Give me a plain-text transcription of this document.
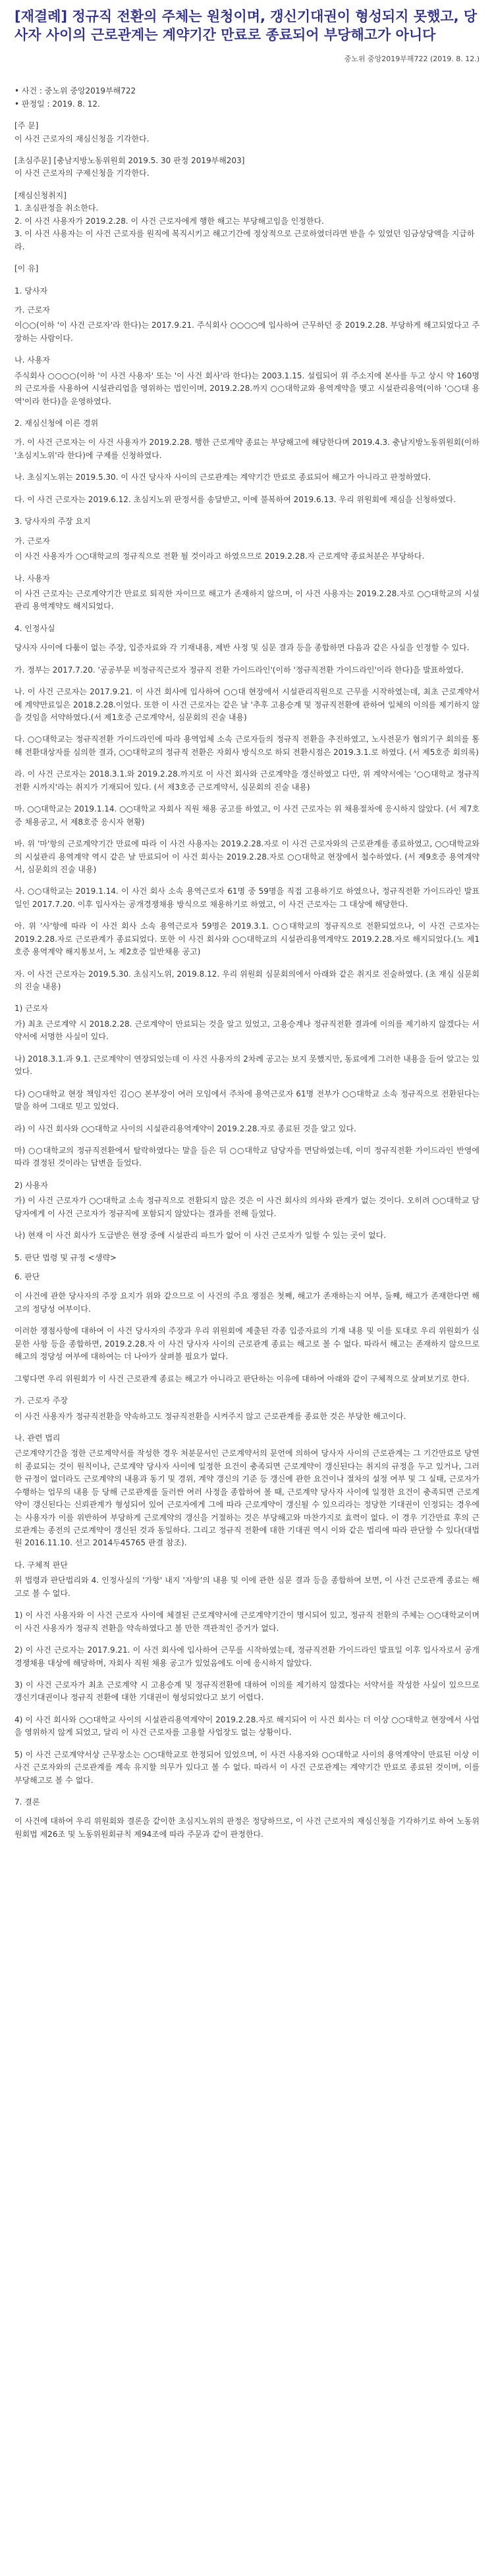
[재결례] 정규직 전환의 주체는 원청이며, 갱신기대권이 형성되지 못했고, 당사자 사이의 근로관계는 계약기간 만료로 종료되어 부당해고가 아니다
중노위 중앙2019부해722 (2019. 8. 12.)

• 사건 : 중노위 중앙2019부해722

• 판정일 : 2019. 8. 12.

[주 문]

이 사건 근로자의 재심신청을 기각한다.

[초심주문] [충남지방노동위원회 2019.5. 30 판정 2019부해203]

이 사건 근로자의 구제신청을 기각한다.

[재심신청취지]

1. 초심판정을 취소한다.

2. 이 사건 사용자가 2019.2.28. 이 사건 근로자에게 행한 해고는 부당해고임을 인정한다.

3. 이 사건 사용자는 이 사건 근로자를 원직에 복직시키고 해고기간에 정상적으로 근로하였더라면 받을 수 있었던 임금상당액을 지급하라.

[이 유]

1. 당사자

가. 근로자

이○○(이하 '이 사건 근로자'라 한다)는 2017.9.21. 주식회사 ○○○○에 입사하여 근무하던 중 2019.2.28. 부당하게 해고되었다고 주장하는 사람이다.

나. 사용자

주식회사 ○○○○(이하 '이 사건 사용자' 또는 '이 사건 회사'라 한다)는 2003.1.15. 설립되어 위 주소지에 본사를 두고 상시 약 160명의 근로자를 사용하여 시설관리업을 영위하는 법인이며, 2019.2.28.까지 ○○대학교와 용역계약을 맺고 시설관리용역(이하 '○○대 용역'이라 한다)을 운영하였다.

2. 재심신청에 이른 경위

가. 이 사건 근로자는 이 사건 사용자가 2019.2.28. 행한 근로계약 종료는 부당해고에 해당한다며 2019.4.3. 충남지방노동위원회(이하 '초심지노위'라 한다)에 구제를 신청하였다.

나. 초심지노위는 2019.5.30. 이 사건 당사자 사이의 근로관계는 계약기간 만료로 종료되어 해고가 아니라고 판정하였다.

다. 이 사건 근로자는 2019.6.12. 초심지노위 판정서를 송달받고, 이에 불복하여 2019.6.13. 우리 위원회에 재심을 신청하였다.

3. 당사자의 주장 요지

가. 근로자

이 사건 사용자가 ○○대학교의 정규직으로 전환 될 것이라고 하였으므로 2019.2.28.자 근로계약 종료처분은 부당하다.

나. 사용자

이 사건 근로자는 근로계약기간 만료로 퇴직한 자이므로 해고가 존재하지 않으며, 이 사건 사용자는 2019.2.28.자로 ○○대학교의 시설관리 용역계약도 해지되었다.

4. 인정사실

당사자 사이에 다툼이 없는 주장, 입증자료와 각 기재내용, 제반 사정 및 심문 결과 등을 종합하면 다음과 같은 사실을 인정할 수 있다.

가. 정부는 2017.7.20. '공공부문 비정규직근로자 정규직 전환 가이드라인'(이하 '정규직전환 가이드라인'이라 한다)을 발표하였다.

나. 이 사건 근로자는 2017.9.21. 이 사건 회사에 입사하여 ○○대 현장에서 시설관리직원으로 근무를 시작하였는데, 최초 근로계약서에 계약만료일은 2018.2.28.이었다. 또한 이 사건 근로자는 같은 날 '추후 고용승계 및 정규직전환에 관하여 일체의 이의를 제기하지 않을 것임을 서약하였다.(서 제1호증 근로계약서, 심문회의 진술 내용)

다. ○○대학교는 정규직전환 가이드라인에 따라 용역업체 소속 근로자들의 정규직 전환을 추진하였고, 노사전문가 협의기구 회의를 통해 전환대상자를 심의한 결과, ○○대학교의 정규직 전환은 자회사 방식으로 하되 전환시점은 2019.3.1.로 하였다. (서 제5호증 회의록)

라. 이 사건 근로자는 2018.3.1.와 2019.2.28.까지로 이 사건 회사와 근로계약을 갱신하였고 다만, 위 계약서에는 '○○대학교 정규직 전환 시까지'라는 취지가 기재되어 있다. (서 제3호증 근로계약서, 심문회의 진술 내용)

마. ○○대학교는 2019.1.14. ○○대학교 자회사 직원 채용 공고를 하였고, 이 사건 근로자는 위 채용절차에 응시하지 않았다. (서 제7호증 채용공고, 서 제8호증 응시자 현황)

바. 위 '마'항의 근로계약기간 만료에 따라 이 사건 사용자는 2019.2.28.자로 이 사건 근로자와의 근로관계를 종료하였고, ○○대학교와의 시설관리 용역계약 역시 같은 날 만료되어 이 사건 회사는 2019.2.28.자로 ○○대학교 현장에서 철수하였다. (서 제9호증 용역계약서, 심문회의 진술 내용)

사. ○○대학교는 2019.1.14. 이 사건 회사 소속 용역근로자 61명 중 59명을 직접 고용하기로 하였으나, 정규직전환 가이드라인 발표일인 2017.7.20. 이후 입사자는 공개경쟁채용 방식으로 채용하기로 하였고, 이 사건 근로자는 그 대상에 해당한다.

아. 위 '사'항에 따라 이 사건 회사 소속 용역근로자 59명은 2019.3.1. ○○대학교의 정규직으로 전환되었으나, 이 사건 근로자는 2019.2.28.자로 근로관계가 종료되었다. 또한 이 사건 회사와 ○○대학교의 시설관리용역계약도 2019.2.28.자로 해지되었다.(노 제1호증 용역계약 해지통보서, 노 제2호증 일반채용 공고)

자. 이 사건 근로자는 2019.5.30. 초심지노위, 2019.8.12. 우리 위원회 심문회의에서 아래와 같은 취지로 진술하였다. (초 재심 심문회의 진술 내용)

1) 근로자

가) 최초 근로계약 시 2018.2.28. 근로계약이 만료되는 것을 알고 있었고, 고용승계나 정규직전환 결과에 이의를 제기하지 않겠다는 서약서에 서명한 사실이 있다.

나) 2018.3.1.과 9.1. 근로계약이 연장되었는데 이 사건 사용자의 2차례 공고는 보지 못했지만, 동료에게 그러한 내용을 들어 알고는 있었다.

다) ○○대학교 현장 책임자인 김○○ 본부장이 여러 모임에서 주차에 용역근로자 61명 전부가 ○○대학교 소속 정규직으로 전환된다는 말을 하여 그대로 믿고 있었다.

라) 이 사건 회사와 ○○대학교 사이의 시설관리용역계약이 2019.2.28.자로 종료된 것을 알고 있다.

마) ○○대학교의 정규직전환에서 탈락하였다는 말을 들은 뒤 ○○대학교 담당자를 면담하였는데, 이미 정규직전환 가이드라인 반영에 따라 결정된 것이라는 답변을 들었다.

2) 사용자

가) 이 사건 근로자가 ○○대학교 소속 정규직으로 전환되지 않은 것은 이 사건 회사의 의사와 관계가 없는 것이다. 오히려 ○○대학교 담당자에게 이 사건 근로자가 정규직에 포함되지 않았다는 결과를 전해 들었다.

나) 현재 이 사건 회사가 도급받은 현장 중에 시설관리 파트가 없어 이 사건 근로자가 일할 수 있는 곳이 없다.

5. 판단 법령 및 규정 <생략>

6. 판단

이 사건에 관한 당사자의 주장 요지가 위와 같으므로 이 사건의 주요 쟁점은 첫째, 해고가 존재하는지 여부, 둘째, 해고가 존재한다면 해고의 정당성 여부이다.

이러한 쟁점사항에 대하여 이 사건 당사자의 주장과 우리 위원회에 제출된 각종 입증자료의 기재 내용 및 이를 토대로 우리 위원회가 심문한 사항 등을 종합하면, 2019.2.28.자 이 사건 당사자 사이의 근로관계 종료는 해고로 볼 수 없다. 따라서 해고는 존재하지 않으므로 해고의 정당성 여부에 대하여는 더 나아가 살펴볼 필요가 없다.

그렇다면 우리 위원회가 이 사건 근로관계 종료는 해고가 아니라고 판단하는 이유에 대하여 아래와 같이 구체적으로 살펴보기로 한다.

가. 근로자 주장

이 사건 사용자가 정규직전환을 약속하고도 정규직전환을 시켜주지 않고 근로관계를 종료한 것은 부당한 해고이다.

나. 관련 법리

근로계약기간을 정한 근로계약서를 작성한 경우 처분문서인 근로계약서의 문언에 의하여 당사자 사이의 근로관계는 그 기간만료로 당연히 종료되는 것이 원칙이나, 근로계약 당사자 사이에 일정한 요건이 충족되면 근로계약이 갱신된다는 취지의 규정을 두고 있거나, 그러한 규정이 없더라도 근로계약의 내용과 동기 및 경위, 계약 갱신의 기준 등 갱신에 관한 요건이나 절차의 설정 여부 및 그 실태, 근로자가 수행하는 업무의 내용 등 당해 근로관계를 둘러싼 여러 사정을 종합하여 볼 때, 근로계약 당사자 사이에 일정한 요건이 충족되면 근로계약이 갱신된다는 신뢰관계가 형성되어 있어 근로자에게 그에 따라 근로계약이 갱신될 수 있으리라는 정당한 기대권이 인정되는 경우에는 사용자가 이를 위반하여 부당하게 근로계약의 갱신을 거절하는 것은 부당해고와 마찬가지로 효력이 없다. 이 경우 기간만료 후의 근로관계는 종전의 근로계약이 갱신된 것과 동일하다. 그리고 정규직 전환에 대한 기대권 역시 이와 같은 법리에 따라 판단할 수 있다(대법원 2016.11.10. 선고 2014두45765 판결 참조).

다. 구체적 판단

위 법령과 판단법리와 4. 인정사실의 '가항' 내지 '자항'의 내용 및 이에 관한 심문 결과 등을 종합하여 보면, 이 사건 근로관계 종료는 해고로 볼 수 없다.

1) 이 사건 사용자와 이 사건 근로자 사이에 체결된 근로계약서에 근로계약기간이 명시되어 있고, 정규직 전환의 주체는 ○○대학교이며 이 사건 사용자가 정규직 전환을 약속하였다고 볼 만한 객관적인 증거가 없다.

2) 이 사건 근로자는 2017.9.21. 이 사건 회사에 입사하여 근무를 시작하였는데, 정규직전환 가이드라인 발표일 이후 입사자로서 공개경쟁채용 대상에 해당하며, 자회사 직원 채용 공고가 있었음에도 이에 응시하지 않았다.

3) 이 사건 근로자가 최초 근로계약 시 고용승계 및 정규직전환에 대하여 이의를 제기하지 않겠다는 서약서를 작성한 사실이 있으므로 갱신기대권이나 정규직 전환에 대한 기대권이 형성되었다고 보기 어렵다.

4) 이 사건 회사와 ○○대학교 사이의 시설관리용역계약이 2019.2.28.자로 해지되어 이 사건 회사는 더 이상 ○○대학교 현장에서 사업을 영위하지 않게 되었고, 달리 이 사건 근로자를 고용할 사업장도 없는 상황이다.

5) 이 사건 근로계약서상 근무장소는 ○○대학교로 한정되어 있었으며, 이 사건 사용자와 ○○대학교 사이의 용역계약이 만료된 이상 이 사건 근로자와의 근로관계를 계속 유지할 의무가 있다고 볼 수 없다. 따라서 이 사건 근로관계는 계약기간 만료로 종료된 것이며, 이를 부당해고로 볼 수 없다.

7. 결론

이 사건에 대하여 우리 위원회와 결론을 같이한 초심지노위의 판정은 정당하므로, 이 사건 근로자의 재심신청을 기각하기로 하여 노동위원회법 제26조 및 노동위원회규칙 제94조에 따라 주문과 같이 판정한다.
